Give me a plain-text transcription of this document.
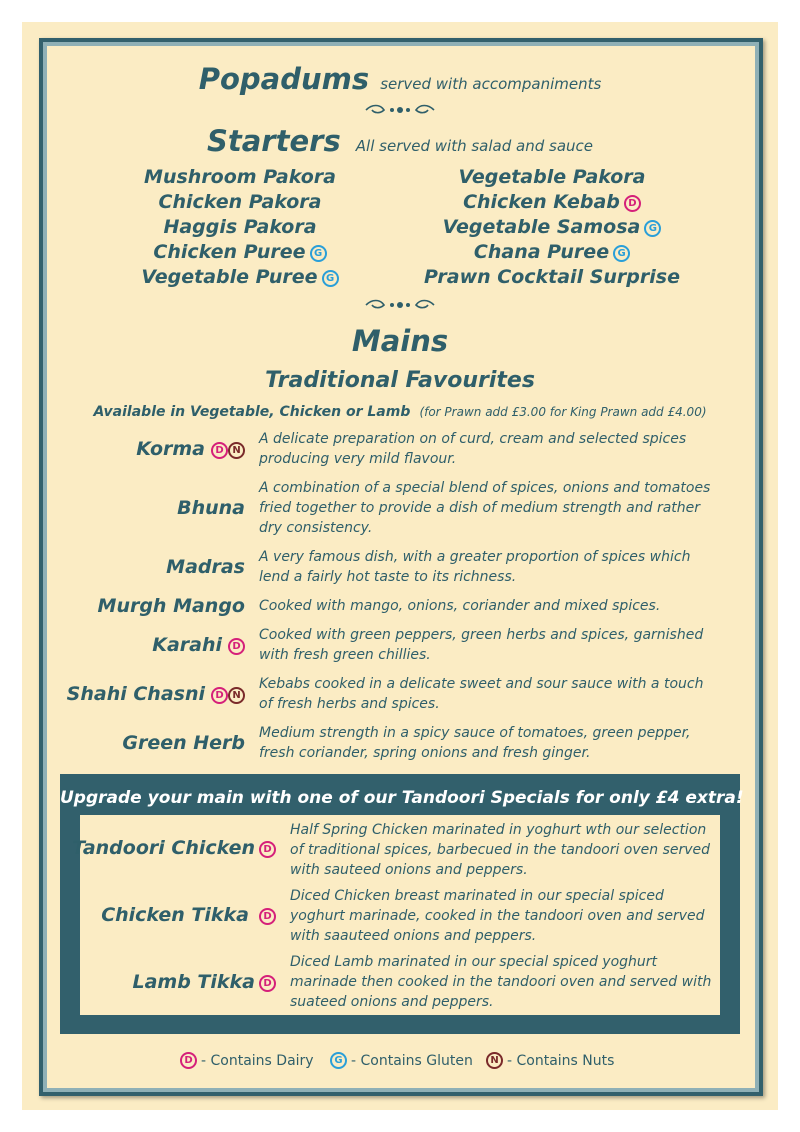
Popadums served with accompaniments
Starters All served with salad and sauce
Mushroom Pakora
Chicken Pakora
Haggis Pakora
Chicken Puree G
Vegetable Puree G
Vegetable Pakora
Chicken Kebab D
Vegetable Samosa G
Chana Puree G
Prawn Cocktail Surprise
Mains
Traditional Favourites
Available in Vegetable, Chicken or Lamb (for Prawn add £3.00 for King Prawn add £4.00)
Korma D N
A delicate preparation on of curd, cream and selected spices producing very mild flavour.
Bhuna
A combination of a special blend of spices, onions and tomatoes fried together to provide a dish of medium strength and rather dry consistency.
Madras A very famous dish, with a greater proportion of spices which lend a fairly hot taste to its richness.
Murgh Mango Cooked with mango, onions, coriander and mixed spices.
Karahi D
Cooked with green peppers, green herbs and spices, garnished with fresh green chillies.
Shahi Chasni D N
Kebabs cooked in a delicate sweet and sour sauce with a touch of fresh herbs and spices.
Green Herb Medium strength in a spicy sauce of tomatoes, green pepper, fresh coriander, spring onions and fresh ginger.
Upgrade your main with one of our Tandoori Specials for only £4 extra!
Tandoori Chicken D
Half Spring Chicken marinated in yoghurt wth our selection of traditional spices, barbecued in the tandoori oven served with sauteed onions and peppers.
Chicken Tikka D
Diced Chicken breast marinated in our special spiced yoghurt marinade, cooked in the tandoori oven and served with saauteed onions and peppers.
Lamb Tikka D
Diced Lamb marinated in our special spiced yoghurt marinade then cooked in the tandoori oven and served with suateed onions and peppers.
D - Contains Dairy	G - Contains Gluten	N - Contains Nuts
